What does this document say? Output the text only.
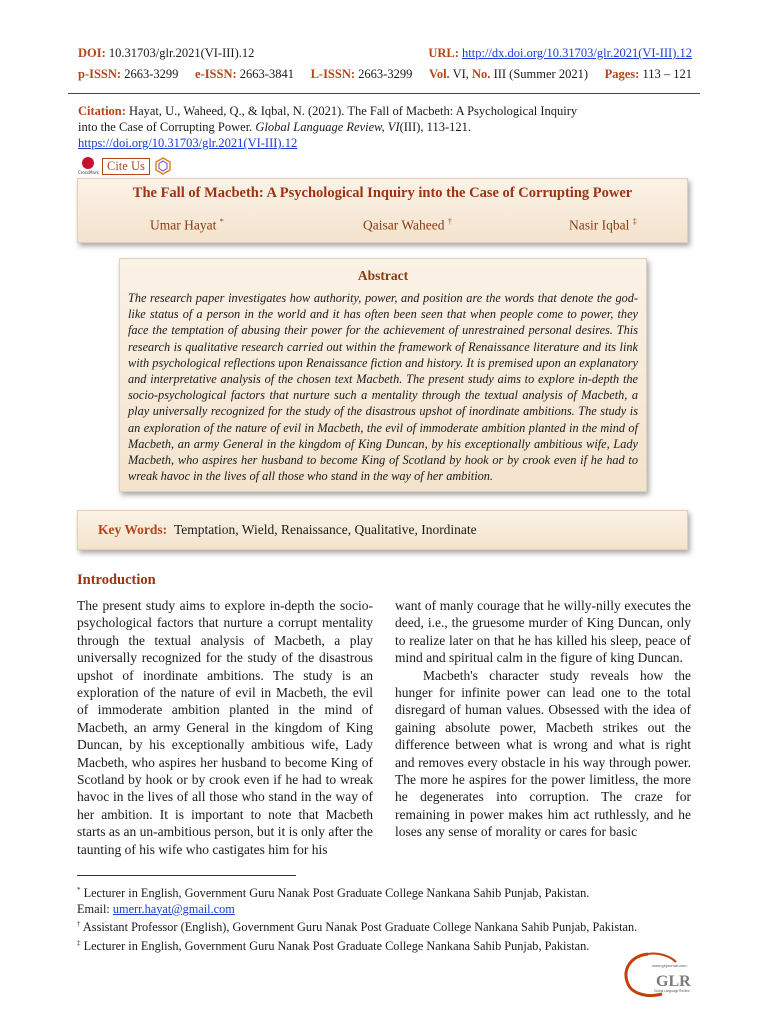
DOI: 10.31703/glr.2021(VI-III).12	URL: http://dx.doi.org/10.31703/glr.2021(VI-III).12
p-ISSN: 2663-3299 e-ISSN: 2663-3841 L-ISSN: 2663-3299 Vol. VI, No. III (Summer 2021) Pages: 113 – 121
Citation: Hayat, U., Waheed, Q., & Iqbal, N. (2021). The Fall of Macbeth: A Psychological Inquiry into the Case of Corrupting Power. Global Language Review, VI(III), 113-121.
https://doi.org/10.31703/glr.2021(VI-III).12
CrossMark Cite Us
The Fall of Macbeth: A Psychological Inquiry into the Case of Corrupting Power
Umar Hayat *	Qaisar Waheed †	Nasir Iqbal ‡
Abstract
The research paper investigates how authority, power, and position are the words that denote the god-like status of a person in the world and it has often been seen that when people come to power, they face the temptation of abusing their power for the achievement of unrestrained personal desires. This research is qualitative research carried out within the framework of Renaissance literature and its link with psychological reflections upon Renaissance fiction and history. It is premised upon an explanatory and interpretative analysis of the chosen text Macbeth. The present study aims to explore in-depth the socio-psychological factors that nurture such a mentality through the textual analysis of Macbeth, a play universally recognized for the study of the disastrous upshot of inordinate ambitions. The study is an exploration of the nature of evil in Macbeth, the evil of immoderate ambition planted in the mind of Macbeth, an army General in the kingdom of King Duncan, by his exceptionally ambitious wife, Lady Macbeth, who aspires her husband to become King of Scotland by hook or by crook even if he had to wreak havoc in the lives of all those who stand in the way of her ambition.
Key Words: Temptation, Wield, Renaissance, Qualitative, Inordinate
Introduction

The present study aims to explore in-depth the socio-psychological factors that nurture a corrupt mentality through the textual analysis of Macbeth, a play universally recognized for the study of the disastrous upshot of inordinate ambitions. The study is an exploration of the nature of evil in Macbeth, the evil of immoderate ambition planted in the mind of Macbeth, an army General in the kingdom of King Duncan, by his exceptionally ambitious wife, Lady Macbeth, who aspires her husband to become King of Scotland by hook or by crook even if he had to wreak havoc in the lives of all those who stand in the way of her ambition. It is important to note that Macbeth starts as an un-ambitious person, but it is only after the taunting of his wife who castigates him for his

want of manly courage that he willy-nilly executes the deed, i.e., the gruesome murder of King Duncan, only to realize later on that he has killed his sleep, peace of mind and spiritual calm in the figure of king Duncan.

Macbeth's character study reveals how the hunger for infinite power can lead one to the total disregard of human values. Obsessed with the idea of gaining absolute power, Macbeth strikes out the difference between what is wrong and what is right and removes every obstacle in his way through power. The more he aspires for the power limitless, the more he degenerates into corruption. The craze for remaining in power makes him act ruthlessly, and he loses any sense of morality or cares for basic

* Lecturer in English, Government Guru Nanak Post Graduate College Nankana Sahib Punjab, Pakistan.
Email: umerr.hayat@gmail.com
† Assistant Professor (English), Government Guru Nanak Post Graduate College Nankana Sahib Punjab, Pakistan.
‡ Lecturer in English, Government Guru Nanak Post Graduate College Nankana Sahib Punjab, Pakistan.
GLR
www.glrjournal.com
Global Language Review
